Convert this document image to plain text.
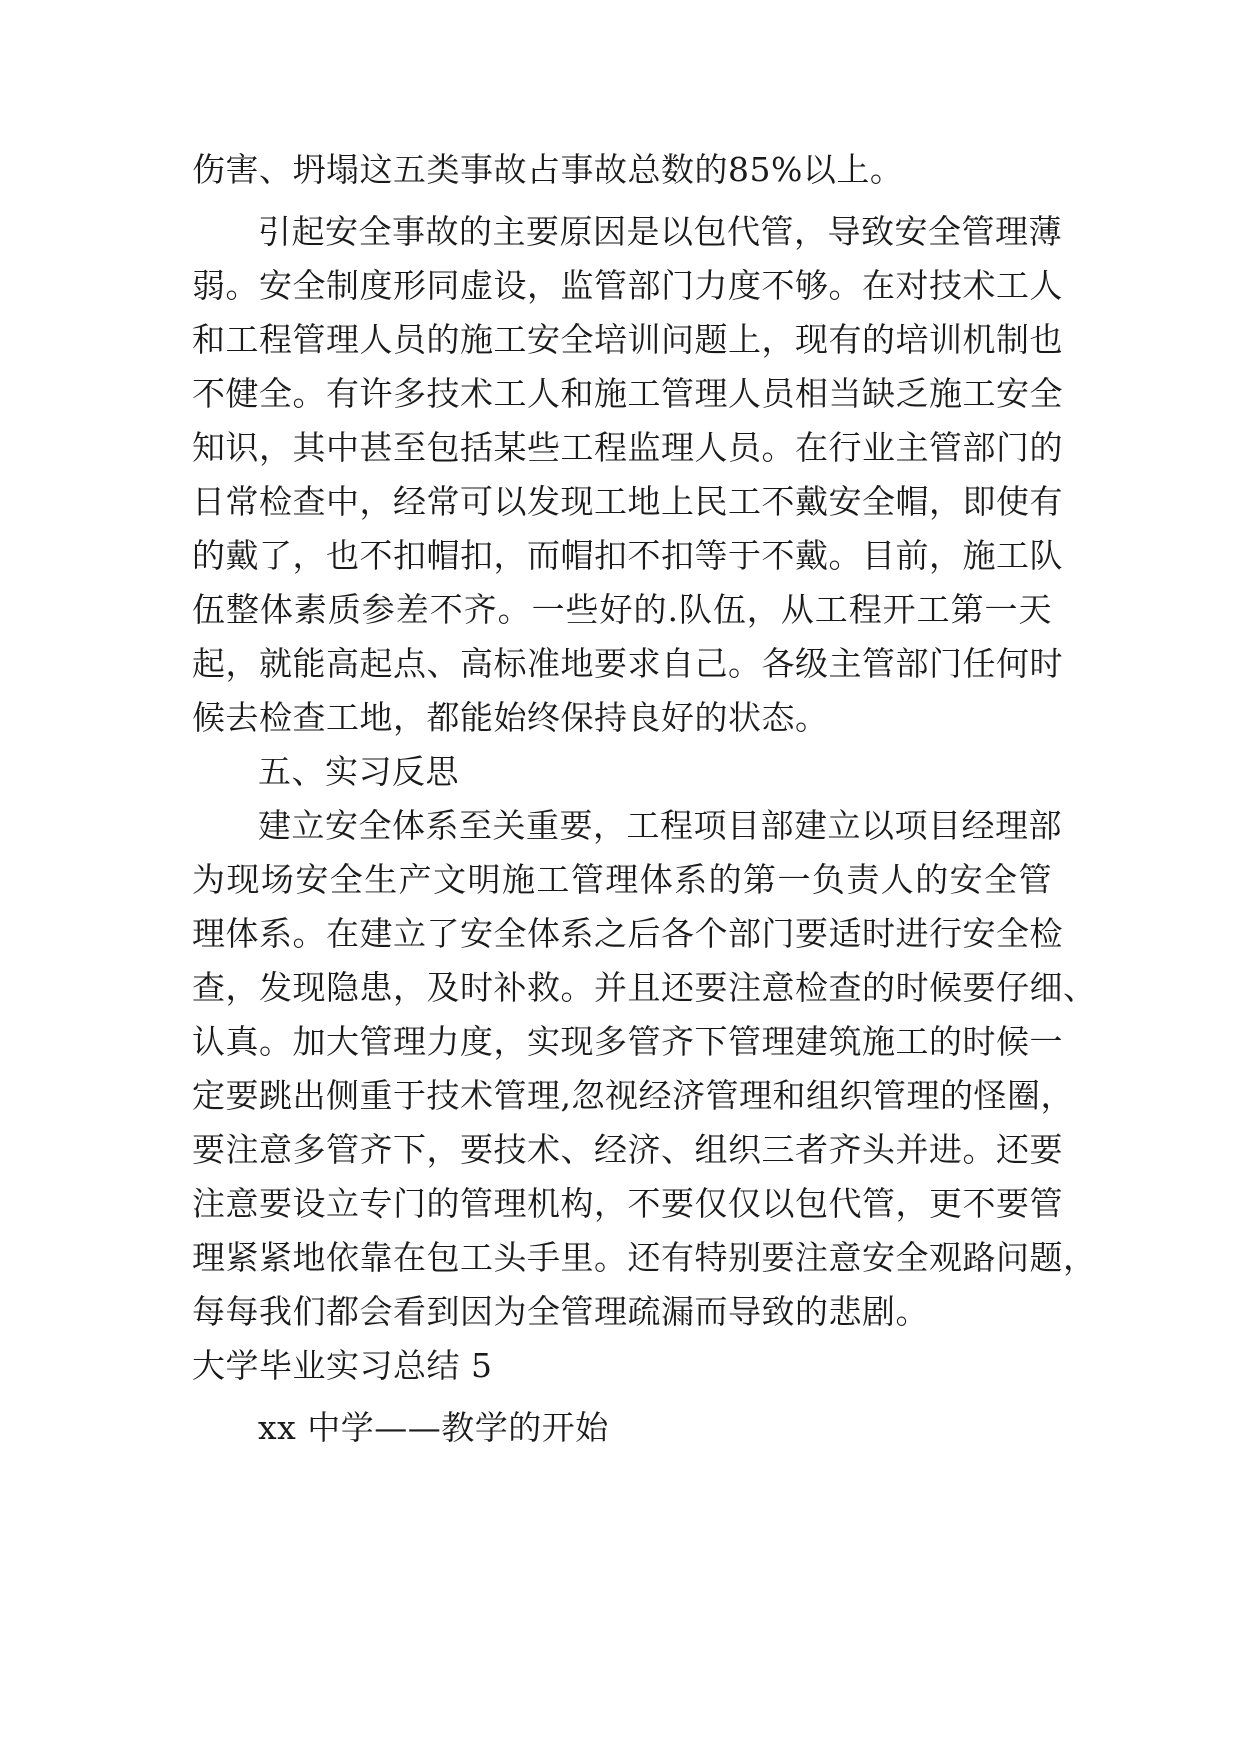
伤害、坍塌这五类事故占事故总数的85%以上。
引起安全事故的主要原因是以包代管，导致安全管理薄
弱。安全制度形同虚设，监管部门力度不够。在对技术工人
和工程管理人员的施工安全培训问题上，现有的培训机制也
不健全。有许多技术工人和施工管理人员相当缺乏施工安全
知识，其中甚至包括某些工程监理人员。在行业主管部门的
日常检查中，经常可以发现工地上民工不戴安全帽，即使有
的戴了，也不扣帽扣，而帽扣不扣等于不戴。目前，施工队
伍整体素质参差不齐。一些好的.队伍，从工程开工第一天
起，就能高起点、高标准地要求自己。各级主管部门任何时
候去检查工地，都能始终保持良好的状态。
五、实习反思
建立安全体系至关重要，工程项目部建立以项目经理部
为现场安全生产文明施工管理体系的第一负责人的安全管
理体系。在建立了安全体系之后各个部门要适时进行安全检
查，发现隐患，及时补救。并且还要注意检查的时候要仔细、
认真。加大管理力度，实现多管齐下管理建筑施工的时候一
定要跳出侧重于技术管理,忽视经济管理和组织管理的怪圈，
要注意多管齐下，要技术、经济、组织三者齐头并进。还要
注意要设立专门的管理机构，不要仅仅以包代管，更不要管
理紧紧地依靠在包工头手里。还有特别要注意安全观路问题，
每每我们都会看到因为全管理疏漏而导致的悲剧。
大学毕业实习总结 5
xx 中学——教学的开始
